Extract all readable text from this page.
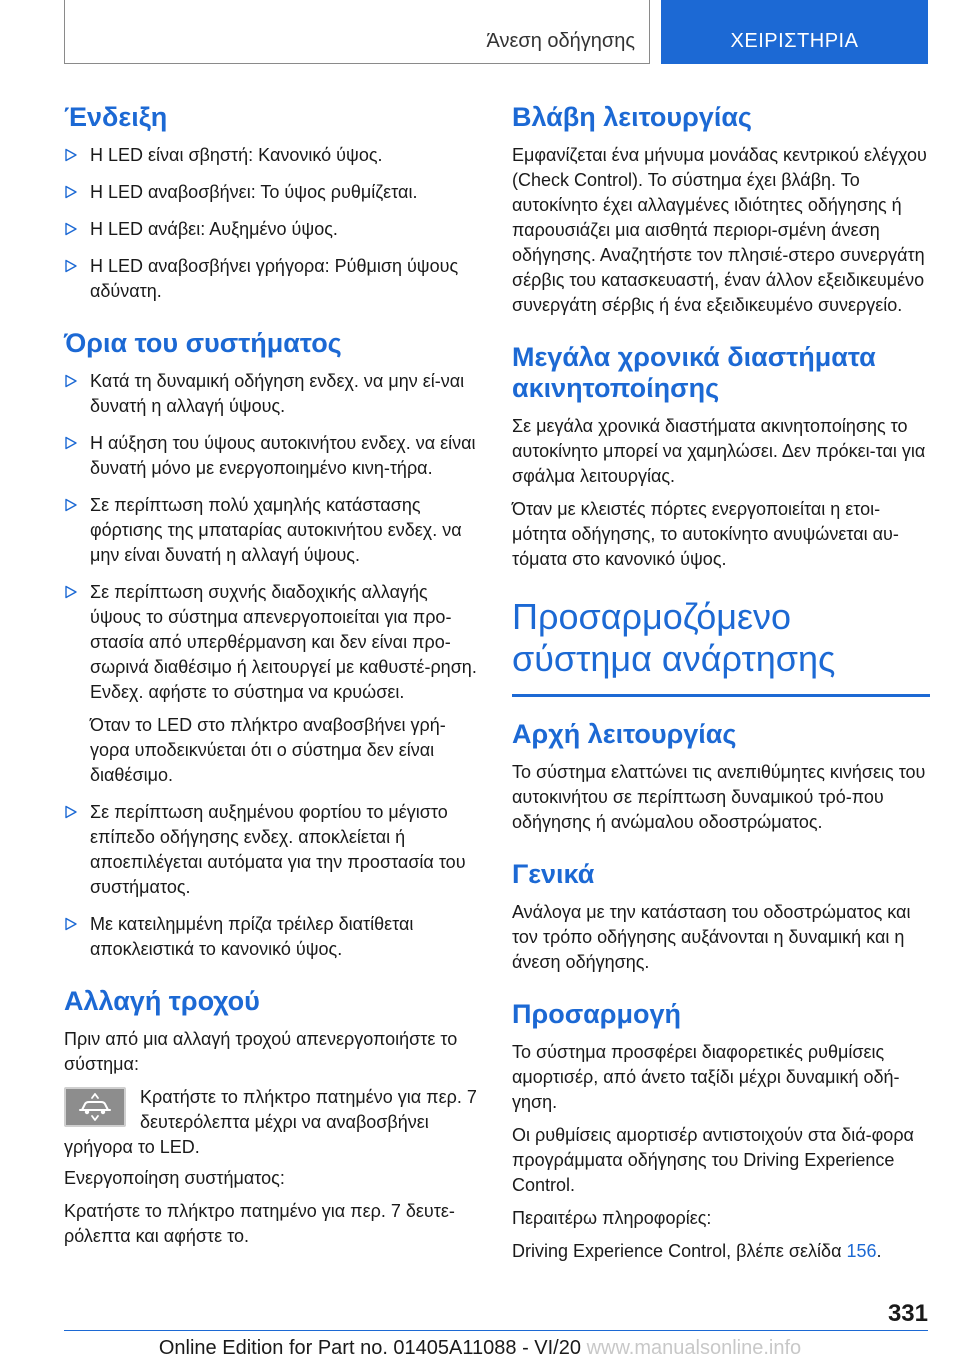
Άνεση οδήγησης	ΧΕΙΡΙΣΤΗΡΙΑ
Ένδειξη
Η LED είναι σβηστή: Κανονικό ύψος.
Η LED αναβοσβήνει: Το ύψος ρυθμίζεται.
Η LED ανάβει: Αυξημένο ύψος.
Η LED αναβοσβήνει γρήγορα: Ρύθμιση ύψους αδύνατη.
Όρια του συστήματος
Κατά τη δυναμική οδήγηση ενδεχ. να μην εί-ναι δυνατή η αλλαγή ύψους.
Η αύξηση του ύψους αυτοκινήτου ενδεχ. να είναι δυνατή μόνο με ενεργοποιημένο κινη-τήρα.
Σε περίπτωση πολύ χαμηλής κατάστασης φόρτισης της μπαταρίας αυτοκινήτου ενδεχ. να μην είναι δυνατή η αλλαγή ύψους.
Σε περίπτωση συχνής διαδοχικής αλλαγής ύψους το σύστημα απενεργοποιείται για προ-στασία από υπερθέρμανση και δεν είναι προ-σωρινά διαθέσιμο ή λειτουργεί με καθυστέ-ρηση. Ενδεχ. αφήστε το σύστημα να κρυώσει.
Όταν το LED στο πλήκτρο αναβοσβήνει γρή-γορα υποδεικνύεται ότι ο σύστημα δεν είναι διαθέσιμο.
Σε περίπτωση αυξημένου φορτίου το μέγιστο επίπεδο οδήγησης ενδεχ. αποκλείεται ή αποεπιλέγεται αυτόματα για την προστασία του συστήματος.
Με κατειλημμένη πρίζα τρέιλερ διατίθεται αποκλειστικά το κανονικό ύψος.
Αλλαγή τροχού

Πριν από μια αλλαγή τροχού απενεργοποιήστε το σύστημα:

Κρατήστε το πλήκτρο πατημένο για περ. 7 δευτερόλεπτα μέχρι να αναβοσβήνει γρήγορα το LED.

Ενεργοποίηση συστήματος:

Κρατήστε το πλήκτρο πατημένο για περ. 7 δευτε-ρόλεπτα και αφήστε το.

Βλάβη λειτουργίας

Εμφανίζεται ένα μήνυμα μονάδας κεντρικού ελέγχου (Check Control). Το σύστημα έχει βλάβη. Το αυτοκίνητο έχει αλλαγμένες ιδιότητες οδήγησης ή παρουσιάζει μια αισθητά περιορι-σμένη άνεση οδήγησης. Αναζητήστε τον πλησιέ-στερο συνεργάτη σέρβις του κατασκευαστή, έναν άλλον εξειδικευμένο συνεργάτη σέρβις ή ένα εξειδικευμένο συνεργείο.

Μεγάλα χρονικά διαστήματα ακινητοποίησης

Σε μεγάλα χρονικά διαστήματα ακινητοποίησης το αυτοκίνητο μπορεί να χαμηλώσει. Δεν πρόκει-ται για σφάλμα λειτουργίας.

Όταν με κλειστές πόρτες ενεργοποιείται η ετοι-μότητα οδήγησης, το αυτοκίνητο ανυψώνεται αυ-τόματα στο κανονικό ύψος.

Προσαρμοζόμενο σύστημα ανάρτησης
Αρχή λειτουργίας

Το σύστημα ελαττώνει τις ανεπιθύμητες κινήσεις του αυτοκινήτου σε περίπτωση δυναμικού τρό-που οδήγησης ή ανώμαλου οδοστρώματος.

Γενικά

Ανάλογα με την κατάσταση του οδοστρώματος και τον τρόπο οδήγησης αυξάνονται η δυναμική και η άνεση οδήγησης.

Προσαρμογή

Το σύστημα προσφέρει διαφορετικές ρυθμίσεις αμορτισέρ, από άνετο ταξίδι μέχρι δυναμική οδή-γηση.

Οι ρυθμίσεις αμορτισέρ αντιστοιχούν στα διά-φορα προγράμματα οδήγησης του Driving Experience Control.

Περαιτέρω πληροφορίες:

Driving Experience Control, βλέπε σελίδα 156.

331
Online Edition for Part no. 01405A11088 - VI/20 www.manualsonline.info
